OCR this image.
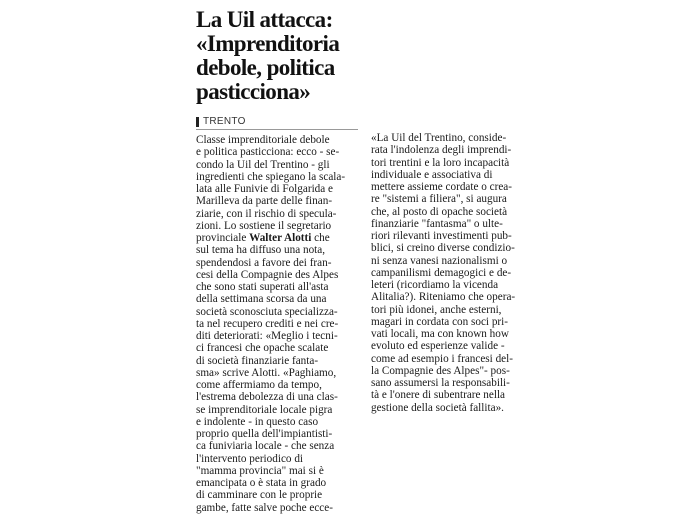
La Uil attacca:
«Imprenditoria
debole, politica
pasticciona»
TRENTO
Classe imprenditoriale debole
e politica pasticciona: ecco - se-
condo la Uil del Trentino - gli
ingredienti che spiegano la scala-
lata alle Funivie di Folgarida e
Marilleva da parte delle finan-
ziarie, con il rischio di specula-
zioni. Lo sostiene il segretario
provinciale Walter Alotti che
sul tema ha diffuso una nota,
spendendosi a favore dei fran-
cesi della Compagnie des Alpes
che sono stati superati all'asta
della settimana scorsa da una
società sconosciuta specializza-
ta nel recupero crediti e nei cre-
diti deteriorati: «Meglio i tecni-
ci francesi che opache scalate
di società finanziarie fanta-
sma» scrive Alotti. «Paghiamo,
come affermiamo da tempo,
l'estrema debolezza di una clas-
se imprenditoriale locale pigra
e indolente - in questo caso
proprio quella dell'impiantisti-
ca funiviaria locale - che senza
l'intervento periodico di
"mamma provincia" mai si è
emancipata o è stata in grado
di camminare con le proprie
gambe, fatte salve poche ecce-
«La Uil del Trentino, conside-
rata l'indolenza degli imprendi-
tori trentini e la loro incapacità
individuale e associativa di
mettere assieme cordate o crea-
re "sistemi a filiera", si augura
che, al posto di opache società
finanziarie "fantasma" o ulte-
riori rilevanti investimenti pub-
blici, si creino diverse condizio-
ni senza vanesi nazionalismi o
campanilismi demagogici e de-
leteri (ricordiamo la vicenda
Alitalia?). Riteniamo che opera-
tori più idonei, anche esterni,
magari in cordata con soci pri-
vati locali, ma con known how
evoluto ed esperienze valide -
come ad esempio i francesi del-
la Compagnie des Alpes"- pos-
sano assumersi la responsabili-
tà e l'onere di subentrare nella
gestione della società fallita».
